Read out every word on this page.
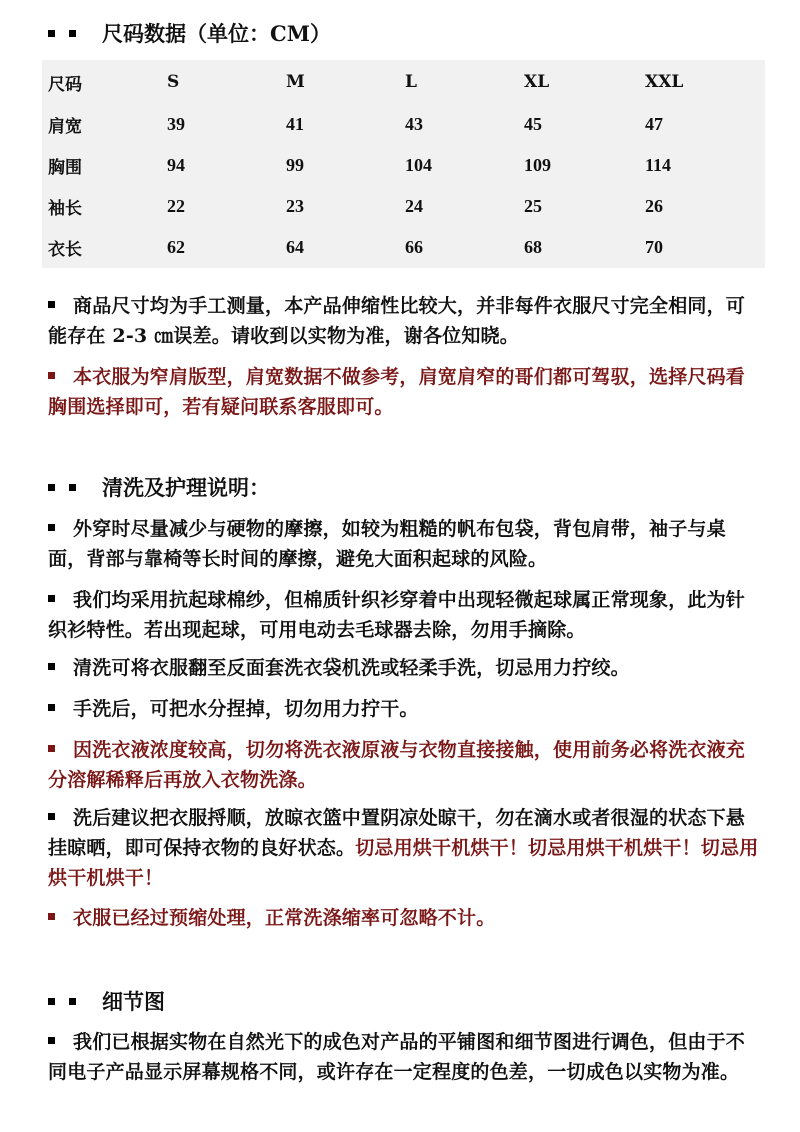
尺码数据（单位：CM）
尺码	S	M	L	XL	XXL
肩宽	39	41	43	45	47
胸围	94	99	104	109	114
袖长	22	23	24	25	26
衣长	62	64	66	68	70
商品尺寸均为手工测量，本产品伸缩性比较大，并非每件衣服尺寸完全相同，可能存在 2-3 ㎝误差。请收到以实物为准，谢各位知晓。
本衣服为窄肩版型，肩宽数据不做参考，肩宽肩窄的哥们都可驾驭，选择尺码看胸围选择即可，若有疑问联系客服即可。
清洗及护理说明：
外穿时尽量减少与硬物的摩擦，如较为粗糙的帆布包袋，背包肩带，袖子与桌面，背部与靠椅等长时间的摩擦，避免大面积起球的风险。
我们均采用抗起球棉纱，但棉质针织衫穿着中出现轻微起球属正常现象，此为针织衫特性。若出现起球，可用电动去毛球器去除，勿用手摘除。
清洗可将衣服翻至反面套洗衣袋机洗或轻柔手洗，切忌用力拧绞。
手洗后，可把水分捏掉，切勿用力拧干。
因洗衣液浓度较高，切勿将洗衣液原液与衣物直接接触，使用前务必将洗衣液充分溶解稀释后再放入衣物洗涤。
洗后建议把衣服捋顺，放晾衣篮中置阴凉处晾干，勿在滴水或者很湿的状态下悬挂晾晒，即可保持衣物的良好状态。切忌用烘干机烘干！切忌用烘干机烘干！切忌用烘干机烘干！
衣服已经过预缩处理，正常洗涤缩率可忽略不计。
细节图
我们已根据实物在自然光下的成色对产品的平铺图和细节图进行调色，但由于不同电子产品显示屏幕规格不同，或许存在一定程度的色差，一切成色以实物为准。
